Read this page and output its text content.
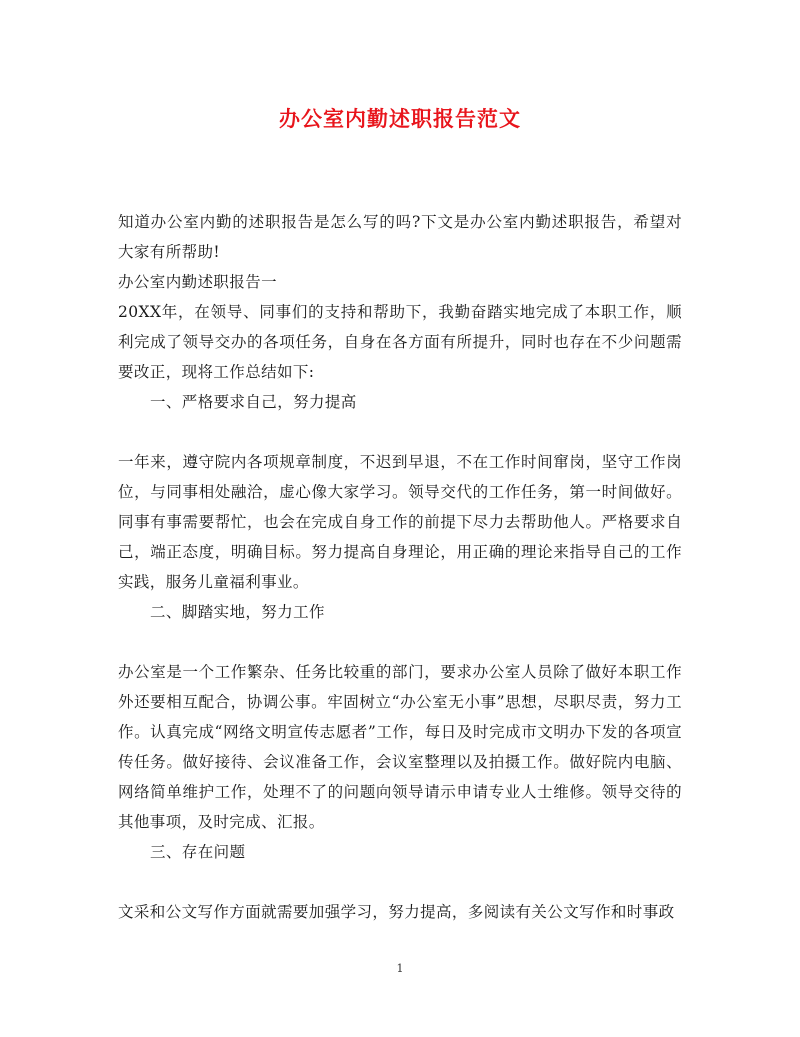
办公室内勤述职报告范文

知道办公室内勤的述职报告是怎么写的吗?下文是办公室内勤述职报告，希望对大家有所帮助!

办公室内勤述职报告一

20XX年，在领导、同事们的支持和帮助下，我勤奋踏实地完成了本职工作，顺利完成了领导交办的各项任务，自身在各方面有所提升，同时也存在不少问题需要改正，现将工作总结如下:

一、严格要求自己，努力提高

一年来，遵守院内各项规章制度，不迟到早退，不在工作时间窜岗，坚守工作岗位，与同事相处融洽，虚心像大家学习。领导交代的工作任务，第一时间做好。同事有事需要帮忙，也会在完成自身工作的前提下尽力去帮助他人。严格要求自己，端正态度，明确目标。努力提高自身理论，用正确的理论来指导自己的工作实践，服务儿童福利事业。

二、脚踏实地，努力工作

办公室是一个工作繁杂、任务比较重的部门，要求办公室人员除了做好本职工作外还要相互配合，协调公事。牢固树立“办公室无小事”思想，尽职尽责，努力工作。认真完成“网络文明宣传志愿者”工作，每日及时完成市文明办下发的各项宣传任务。做好接待、会议准备工作，会议室整理以及拍摄工作。做好院内电脑、网络简单维护工作，处理不了的问题向领导请示申请专业人士维修。领导交待的其他事项，及时完成、汇报。

三、存在问题

文采和公文写作方面就需要加强学习，努力提高，多阅读有关公文写作和时事政

1
